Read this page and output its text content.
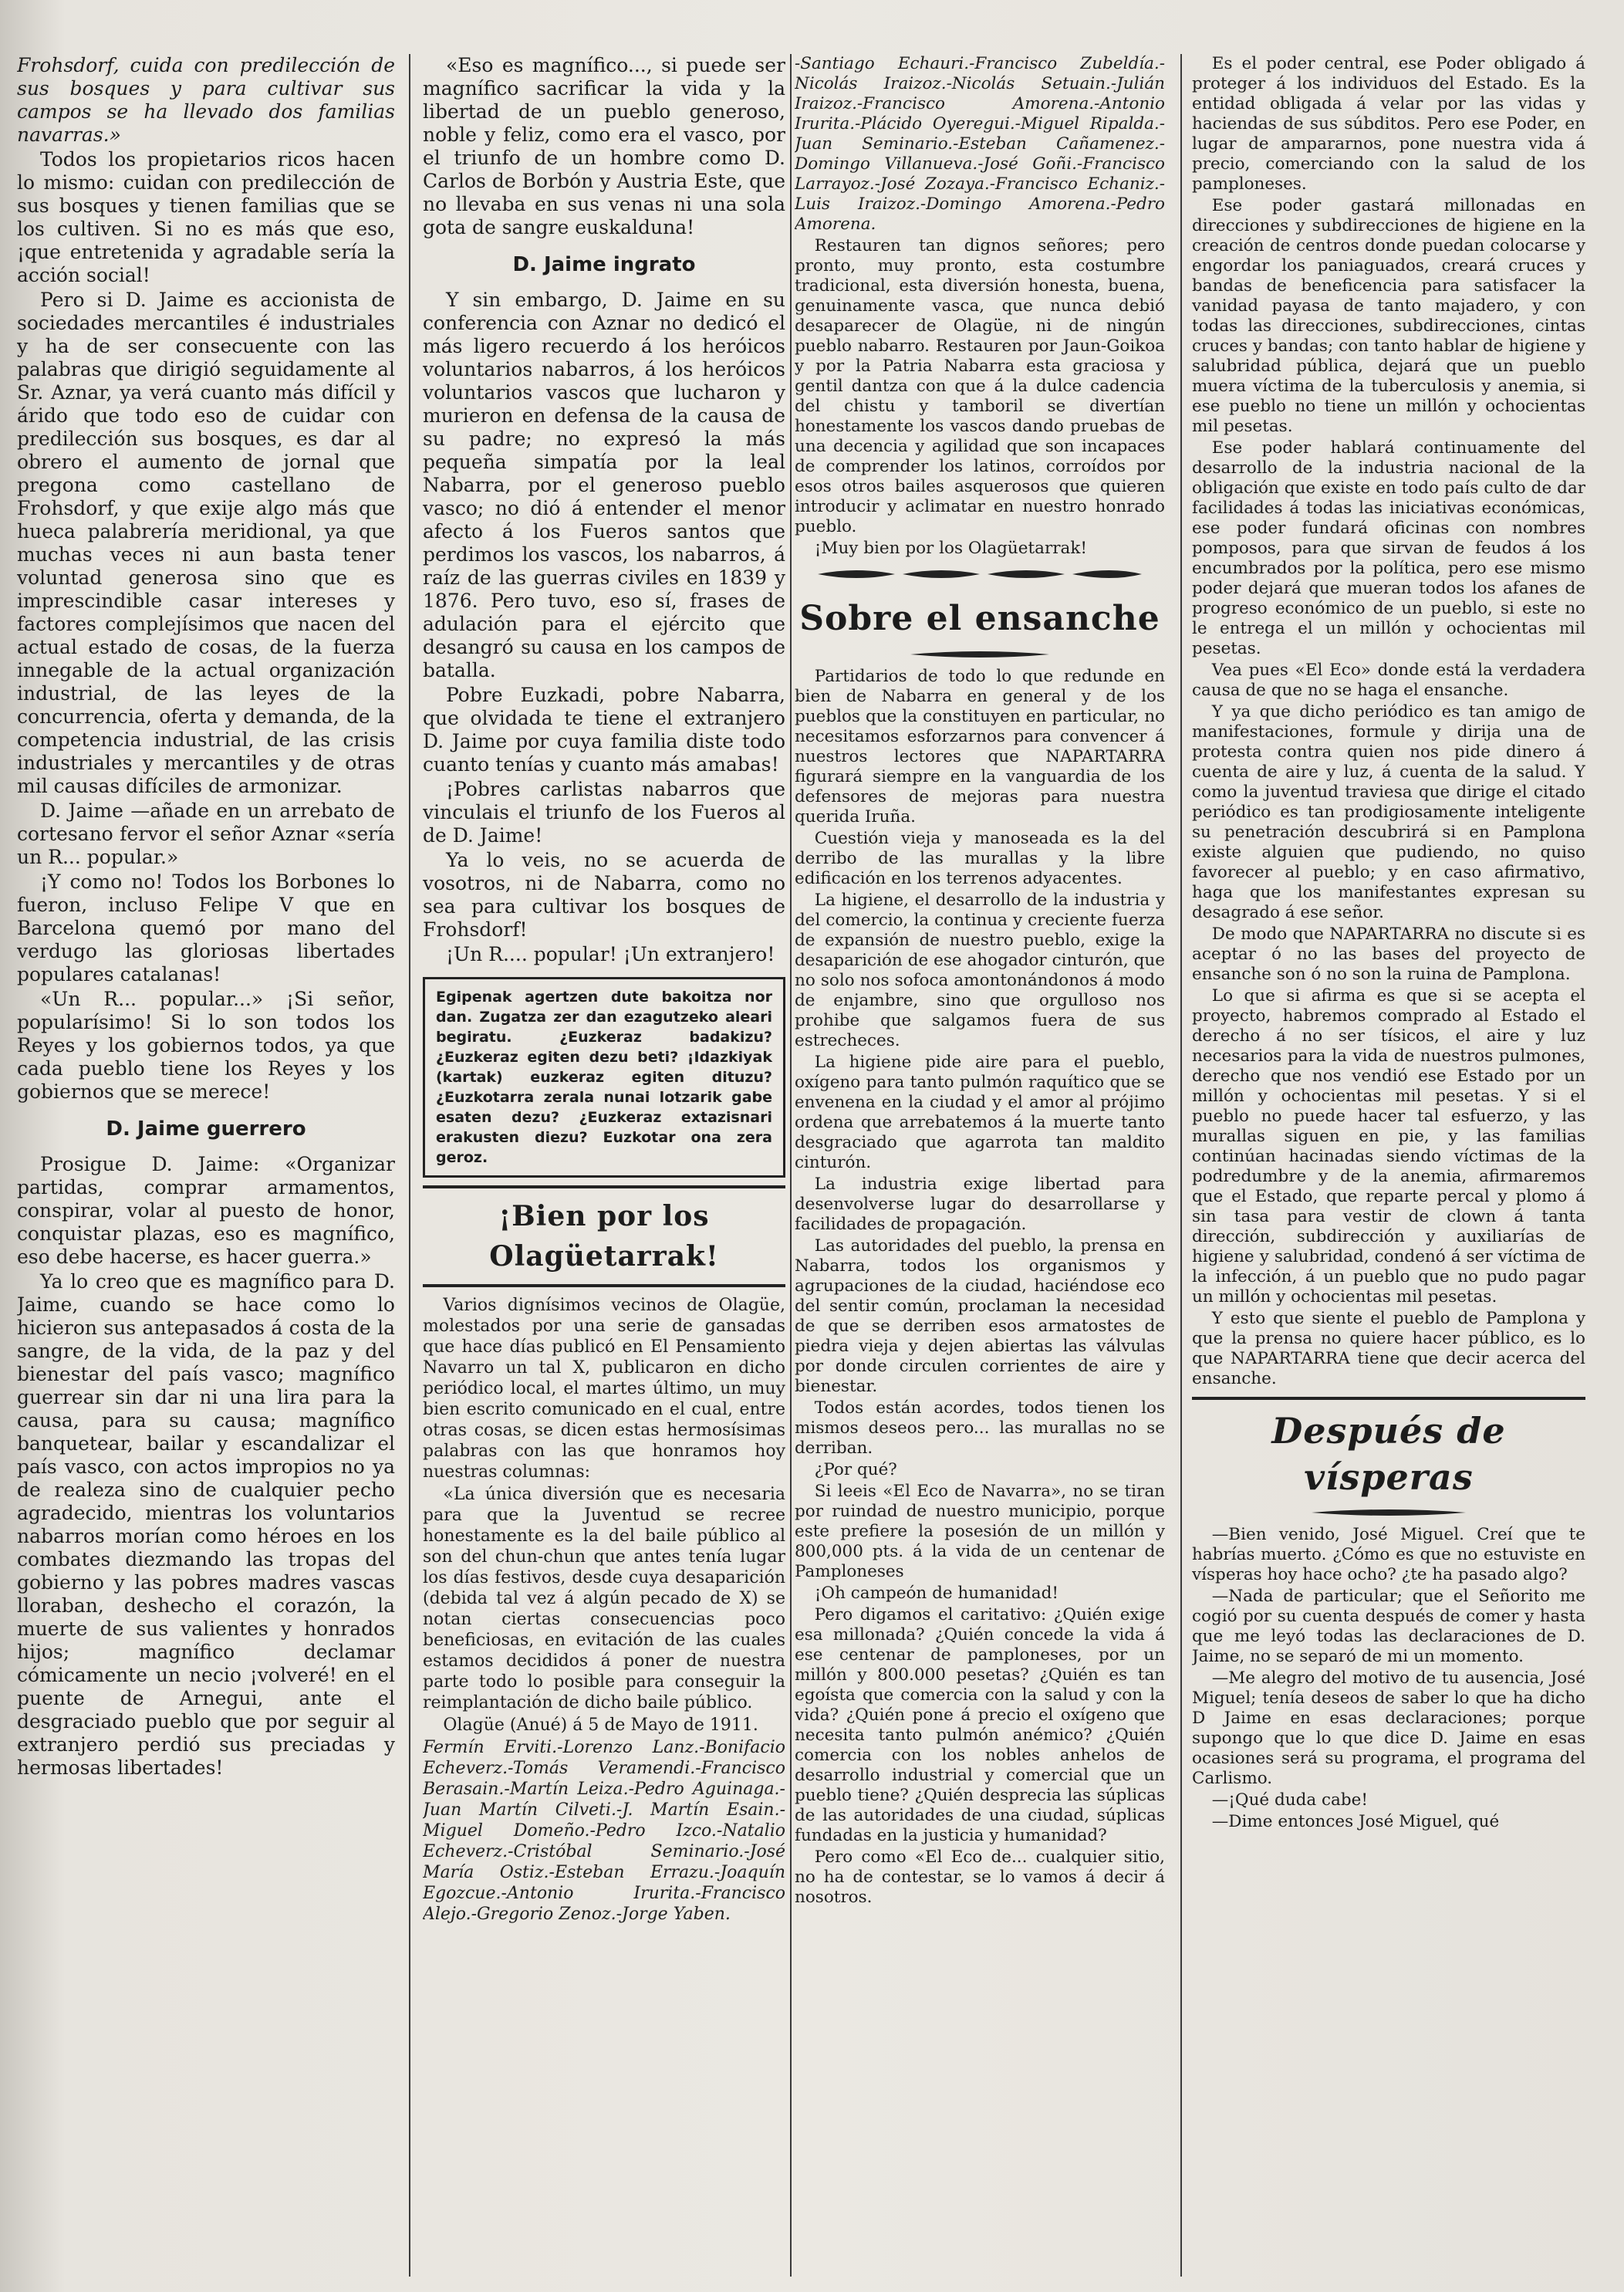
Frohsdorf, cuida con predilección de sus bosques y para cultivar sus campos se ha llevado dos familias navarras.»

Todos los propietarios ricos hacen lo mismo: cuidan con predilección de sus bosques y tienen familias que se los cultiven. Si no es más que eso, ¡que entretenida y agradable sería la acción social!

Pero si D. Jaime es accionista de sociedades mercantiles é industriales y ha de ser consecuente con las palabras que dirigió seguidamente al Sr. Aznar, ya verá cuanto más difícil y árido que todo eso de cuidar con predilección sus bosques, es dar al obrero el aumento de jornal que pregona como castellano de Frohsdorf, y que exije algo más que hueca palabrería meridional, ya que muchas veces ni aun basta tener voluntad generosa sino que es imprescindible casar intereses y factores complejísimos que nacen del actual estado de cosas, de la fuerza innegable de la actual organización industrial, de las leyes de la concurrencia, oferta y demanda, de la competencia industrial, de las crisis industriales y mercantiles y de otras mil causas difíciles de armonizar.

D. Jaime —añade en un arrebato de cortesano fervor el señor Aznar «sería un R... popular.»

¡Y como no! Todos los Borbones lo fueron, incluso Felipe V que en Barcelona quemó por mano del verdugo las gloriosas libertades populares catalanas!

«Un R... popular...» ¡Si señor, popularísimo! Si lo son todos los Reyes y los gobiernos todos, ya que cada pueblo tiene los Reyes y los gobiernos que se merece!

D. Jaime guerrero

Prosigue D. Jaime: «Organizar partidas, comprar armamentos, conspirar, volar al puesto de honor, conquistar plazas, eso es magnífico, eso debe hacerse, es hacer guerra.»

Ya lo creo que es magnífico para D. Jaime, cuando se hace como lo hicieron sus antepasados á costa de la sangre, de la vida, de la paz y del bienestar del país vasco; magnífico guerrear sin dar ni una lira para la causa, para su causa; magnífico banquetear, bailar y escandalizar el país vasco, con actos impropios no ya de realeza sino de cualquier pecho agradecido, mientras los voluntarios nabarros morían como héroes en los combates diezmando las tropas del gobierno y las pobres madres vascas lloraban, deshecho el corazón, la muerte de sus valientes y honrados hijos; magnífico declamar cómicamente un necio ¡volveré! en el puente de Arnegui, ante el desgraciado pueblo que por seguir al extranjero perdió sus preciadas y hermosas libertades!

«Eso es magnífico..., si puede ser magnífico sacrificar la vida y la libertad de un pueblo generoso, noble y feliz, como era el vasco, por el triunfo de un hombre como D. Carlos de Borbón y Austria Este, que no llevaba en sus venas ni una sola gota de sangre euskalduna!

D. Jaime ingrato

Y sin embargo, D. Jaime en su conferencia con Aznar no dedicó el más ligero recuerdo á los heróicos voluntarios nabarros, á los heróicos voluntarios vascos que lucharon y murieron en defensa de la causa de su padre; no expresó la más pequeña simpatía por la leal Nabarra, por el generoso pueblo vasco; no dió á entender el menor afecto á los Fueros santos que perdimos los vascos, los nabarros, á raíz de las guerras civiles en 1839 y 1876. Pero tuvo, eso sí, frases de adulación para el ejército que desangró su causa en los campos de batalla.

Pobre Euzkadi, pobre Nabarra, que olvidada te tiene el extranjero D. Jaime por cuya familia diste todo cuanto tenías y cuanto más amabas!

¡Pobres carlistas nabarros que vinculais el triunfo de los Fueros al de D. Jaime!

Ya lo veis, no se acuerda de vosotros, ni de Nabarra, como no sea para cultivar los bosques de Frohsdorf!

¡Un R.... popular! ¡Un extranjero!

Egipenak agertzen dute bakoitza nor dan. Zugatza zer dan ezagutzeko aleari begiratu. ¿Euzkeraz badakizu? ¿Euzkeraz egiten dezu beti? ¡Idazkiyak (kartak) euzkeraz egiten dituzu? ¿Euzkotarra zerala nunai lotzarik gabe esaten dezu? ¿Euzkeraz extazisnari erakusten diezu? Euzkotar ona zera geroz.
¡Bien por los Olagüetarrak!

Varios dignísimos vecinos de Olagüe, molestados por una serie de gansadas que hace días publicó en El Pensamiento Navarro un tal X, publicaron en dicho periódico local, el martes último, un muy bien escrito comunicado en el cual, entre otras cosas, se dicen estas hermosísimas palabras con las que honramos hoy nuestras columnas:

«La única diversión que es necesaria para que la Juventud se recree honestamente es la del baile público al son del chun-chun que antes tenía lugar los días festivos, desde cuya desaparición (debida tal vez á algún pecado de X) se notan ciertas consecuencias poco beneficiosas, en evitación de las cuales estamos decididos á poner de nuestra parte todo lo posible para conseguir la reimplantación de dicho baile público.

Olagüe (Anué) á 5 de Mayo de 1911.

Fermín Erviti.-Lorenzo Lanz.-Bonifacio Echeverz.-Tomás Veramendi.-Francisco Berasain.-Martín Leiza.-Pedro Aguinaga.-Juan Martín Cilveti.-J. Martín Esain.-Miguel Domeño.-Pedro Izco.-Natalio Echeverz.-Cristóbal Seminario.-José María Ostiz.-Esteban Errazu.-Joaquín Egozcue.-Antonio Irurita.-Francisco Alejo.-Gregorio Zenoz.-Jorge Yaben.

-Santiago Echauri.-Francisco Zubeldía.-Nicolás Iraizoz.-Nicolás Setuain.-Julián Iraizoz.-Francisco Amorena.-Antonio Irurita.-Plácido Oyeregui.-Miguel Ripalda.-Juan Seminario.-Esteban Cañamenez.-Domingo Villanueva.-José Goñi.-Francisco Larrayoz.-José Zozaya.-Francisco Echaniz.-Luis Iraizoz.-Domingo Amorena.-Pedro Amorena.

Restauren tan dignos señores; pero pronto, muy pronto, esta costumbre tradicional, esta diversión honesta, buena, genuinamente vasca, que nunca debió desaparecer de Olagüe, ni de ningún pueblo nabarro. Restauren por Jaun-Goikoa y por la Patria Nabarra esta graciosa y gentil dantza con que á la dulce cadencia del chistu y tamboril se divertían honestamente los vascos dando pruebas de una decencia y agilidad que son incapaces de comprender los latinos, corroídos por esos otros bailes asquerosos que quieren introducir y aclimatar en nuestro honrado pueblo.

¡Muy bien por los Olagüetarrak!

Sobre el ensanche

Partidarios de todo lo que redunde en bien de Nabarra en general y de los pueblos que la constituyen en particular, no necesitamos esforzarnos para convencer á nuestros lectores que NAPARTARRA figurará siempre en la vanguardia de los defensores de mejoras para nuestra querida Iruña.

Cuestión vieja y manoseada es la del derribo de las murallas y la libre edificación en los terrenos adyacentes.

La higiene, el desarrollo de la industria y del comercio, la continua y creciente fuerza de expansión de nuestro pueblo, exige la desaparición de ese ahogador cinturón, que no solo nos sofoca amontonándonos á modo de enjambre, sino que orgulloso nos prohibe que salgamos fuera de sus estrecheces.

La higiene pide aire para el pueblo, oxígeno para tanto pulmón raquítico que se envenena en la ciudad y el amor al prójimo ordena que arrebatemos á la muerte tanto desgraciado que agarrota tan maldito cinturón.

La industria exige libertad para desenvolverse lugar do desarrollarse y facilidades de propagación.

Las autoridades del pueblo, la prensa en Nabarra, todos los organismos y agrupaciones de la ciudad, haciéndose eco del sentir común, proclaman la necesidad de que se derriben esos armatostes de piedra vieja y dejen abiertas las válvulas por donde circulen corrientes de aire y bienestar.

Todos están acordes, todos tienen los mismos deseos pero... las murallas no se derriban.

¿Por qué?

Si leeis «El Eco de Navarra», no se tiran por ruindad de nuestro municipio, porque este prefiere la posesión de un millón y 800,000 pts. á la vida de un centenar de Pamploneses

¡Oh campeón de humanidad!

Pero digamos el caritativo: ¿Quién exige esa millonada? ¿Quién concede la vida á ese centenar de pamploneses, por un millón y 800.000 pesetas? ¿Quién es tan egoísta que comercia con la salud y con la vida? ¿Quién pone á precio el oxígeno que necesita tanto pulmón anémico? ¿Quién comercia con los nobles anhelos de desarrollo industrial y comercial que un pueblo tiene? ¿Quién desprecia las súplicas de las autoridades de una ciudad, súplicas fundadas en la justicia y humanidad?

Pero como «El Eco de... cualquier sitio, no ha de contestar, se lo vamos á decir á nosotros.

Es el poder central, ese Poder obligado á proteger á los individuos del Estado. Es la entidad obligada á velar por las vidas y haciendas de sus súbditos. Pero ese Poder, en lugar de ampararnos, pone nuestra vida á precio, comerciando con la salud de los pamploneses.

Ese poder gastará millonadas en direcciones y subdirecciones de higiene en la creación de centros donde puedan colocarse y engordar los paniaguados, creará cruces y bandas de beneficencia para satisfacer la vanidad payasa de tanto majadero, y con todas las direcciones, subdirecciones, cintas cruces y bandas; con tanto hablar de higiene y salubridad pública, dejará que un pueblo muera víctima de la tuberculosis y anemia, si ese pueblo no tiene un millón y ochocientas mil pesetas.

Ese poder hablará continuamente del desarrollo de la industria nacional de la obligación que existe en todo país culto de dar facilidades á todas las iniciativas económicas, ese poder fundará oficinas con nombres pomposos, para que sirvan de feudos á los encumbrados por la política, pero ese mismo poder dejará que mueran todos los afanes de progreso económico de un pueblo, si este no le entrega el un millón y ochocientas mil pesetas.

Vea pues «El Eco» donde está la verdadera causa de que no se haga el ensanche.

Y ya que dicho periódico es tan amigo de manifestaciones, formule y dirija una de protesta contra quien nos pide dinero á cuenta de aire y luz, á cuenta de la salud. Y como la juventud traviesa que dirige el citado periódico es tan prodigiosamente inteligente su penetración descubrirá si en Pamplona existe alguien que pudiendo, no quiso favorecer al pueblo; y en caso afirmativo, haga que los manifestantes expresan su desagrado á ese señor.

De modo que NAPARTARRA no discute si es aceptar ó no las bases del proyecto de ensanche son ó no son la ruina de Pamplona.

Lo que si afirma es que si se acepta el proyecto, habremos comprado al Estado el derecho á no ser tísicos, el aire y luz necesarios para la vida de nuestros pulmones, derecho que nos vendió ese Estado por un millón y ochocientas mil pesetas. Y si el pueblo no puede hacer tal esfuerzo, y las murallas siguen en pie, y las familias continúan hacinadas siendo víctimas de la podredumbre y de la anemia, afirmaremos que el Estado, que reparte percal y plomo á sin tasa para vestir de clown á tanta dirección, subdirección y auxiliarías de higiene y salubridad, condenó á ser víctima de la infección, á un pueblo que no pudo pagar un millón y ochocientas mil pesetas.

Y esto que siente el pueblo de Pamplona y que la prensa no quiere hacer público, es lo que NAPARTARRA tiene que decir acerca del ensanche.

Después de vísperas

—Bien venido, José Miguel. Creí que te habrías muerto. ¿Cómo es que no estuviste en vísperas hoy hace ocho? ¿te ha pasado algo?

—Nada de particular; que el Señorito me cogió por su cuenta después de comer y hasta que me leyó todas las declaraciones de D. Jaime, no se separó de mi un momento.

—Me alegro del motivo de tu ausencia, José Miguel; tenía deseos de saber lo que ha dicho D Jaime en esas declaraciones; porque supongo que lo que dice D. Jaime en esas ocasiones será su programa, el programa del Carlismo.

—¡Qué duda cabe!

—Dime entonces José Miguel, qué
